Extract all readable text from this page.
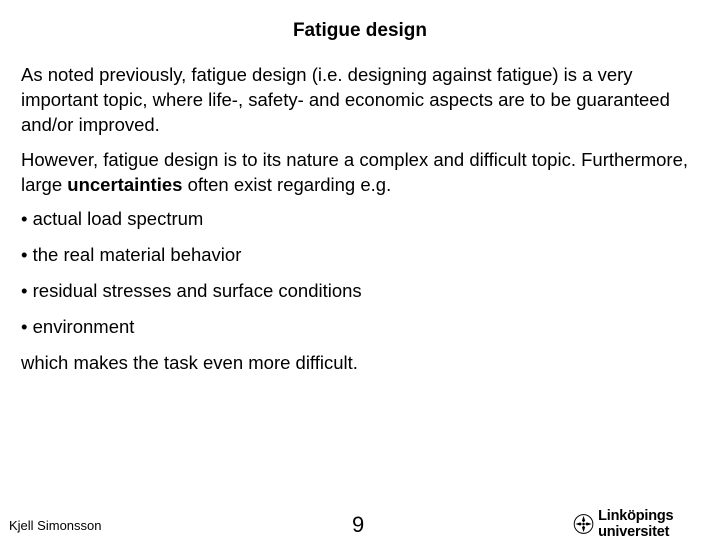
Fatigue design
As noted previously, fatigue design (i.e. designing against fatigue) is a very important topic, where life-, safety- and economic aspects are to be guaranteed and/or improved.
However, fatigue design is to its nature a complex and difficult topic. Furthermore, large uncertainties often exist regarding e.g.
• actual load spectrum
• the real material behavior
• residual stresses and surface conditions
• environment
which makes the task even more difficult.
Kjell Simonsson	9	Linköpings universitet
